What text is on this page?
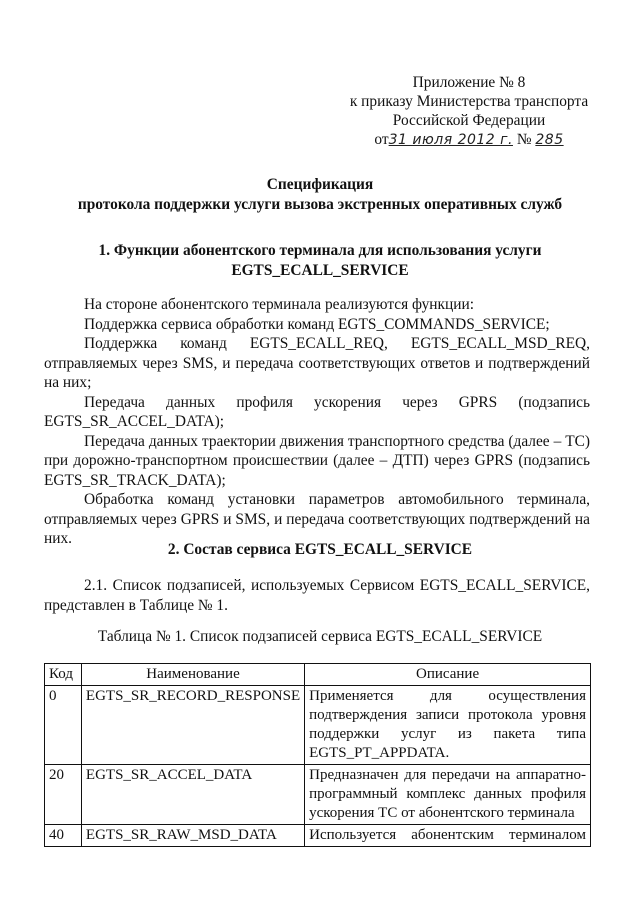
Приложение № 8
к приказу Министерства транспорта
Российской Федерации
от31 июля 2012 г. № 285
Спецификация
протокола поддержки услуги вызова экстренных оперативных служб
1. Функции абонентского терминала для использования услуги
EGTS_ECALL_SERVICE

На стороне абонентского терминала реализуются функции:

Поддержка сервиса обработки команд EGTS_COMMANDS_SERVICE;

Поддержка команд EGTS_ECALL_REQ, EGTS_ECALL_MSD_REQ,

отправляемых через SMS, и передача соответствующих ответов и подтверждений на них;

Передача данных профиля ускорения через GPRS (подзапись EGTS_SR_ACCEL_DATA);

Передача данных траектории движения транспортного средства (далее – ТС) при дорожно-транспортном происшествии (далее – ДТП) через GPRS (подзапись EGTS_SR_TRACK_DATA);

Обработка команд установки параметров автомобильного терминала, отправляемых через GPRS и SMS, и передача соответствующих подтверждений на них.

2. Состав сервиса EGTS_ECALL_SERVICE

2.1. Список подзаписей, используемых Сервисом EGTS_ECALL_SERVICE, представлен в Таблице № 1.

Таблица № 1. Список подзаписей сервиса EGTS_ECALL_SERVICE
Код	Наименование	Описание
0	EGTS_SR_RECORD_RESPONSE	Применяется для осуществления подтверждения записи протокола уровня поддержки услуг из пакета типа EGTS_PT_APPDATA.
20	EGTS_SR_ACCEL_DATA	Предназначен для передачи на аппаратно-программный комплекс данных профиля ускорения ТС от абонентского терминала
40	EGTS_SR_RAW_MSD_DATA	Используется абонентским терминалом
